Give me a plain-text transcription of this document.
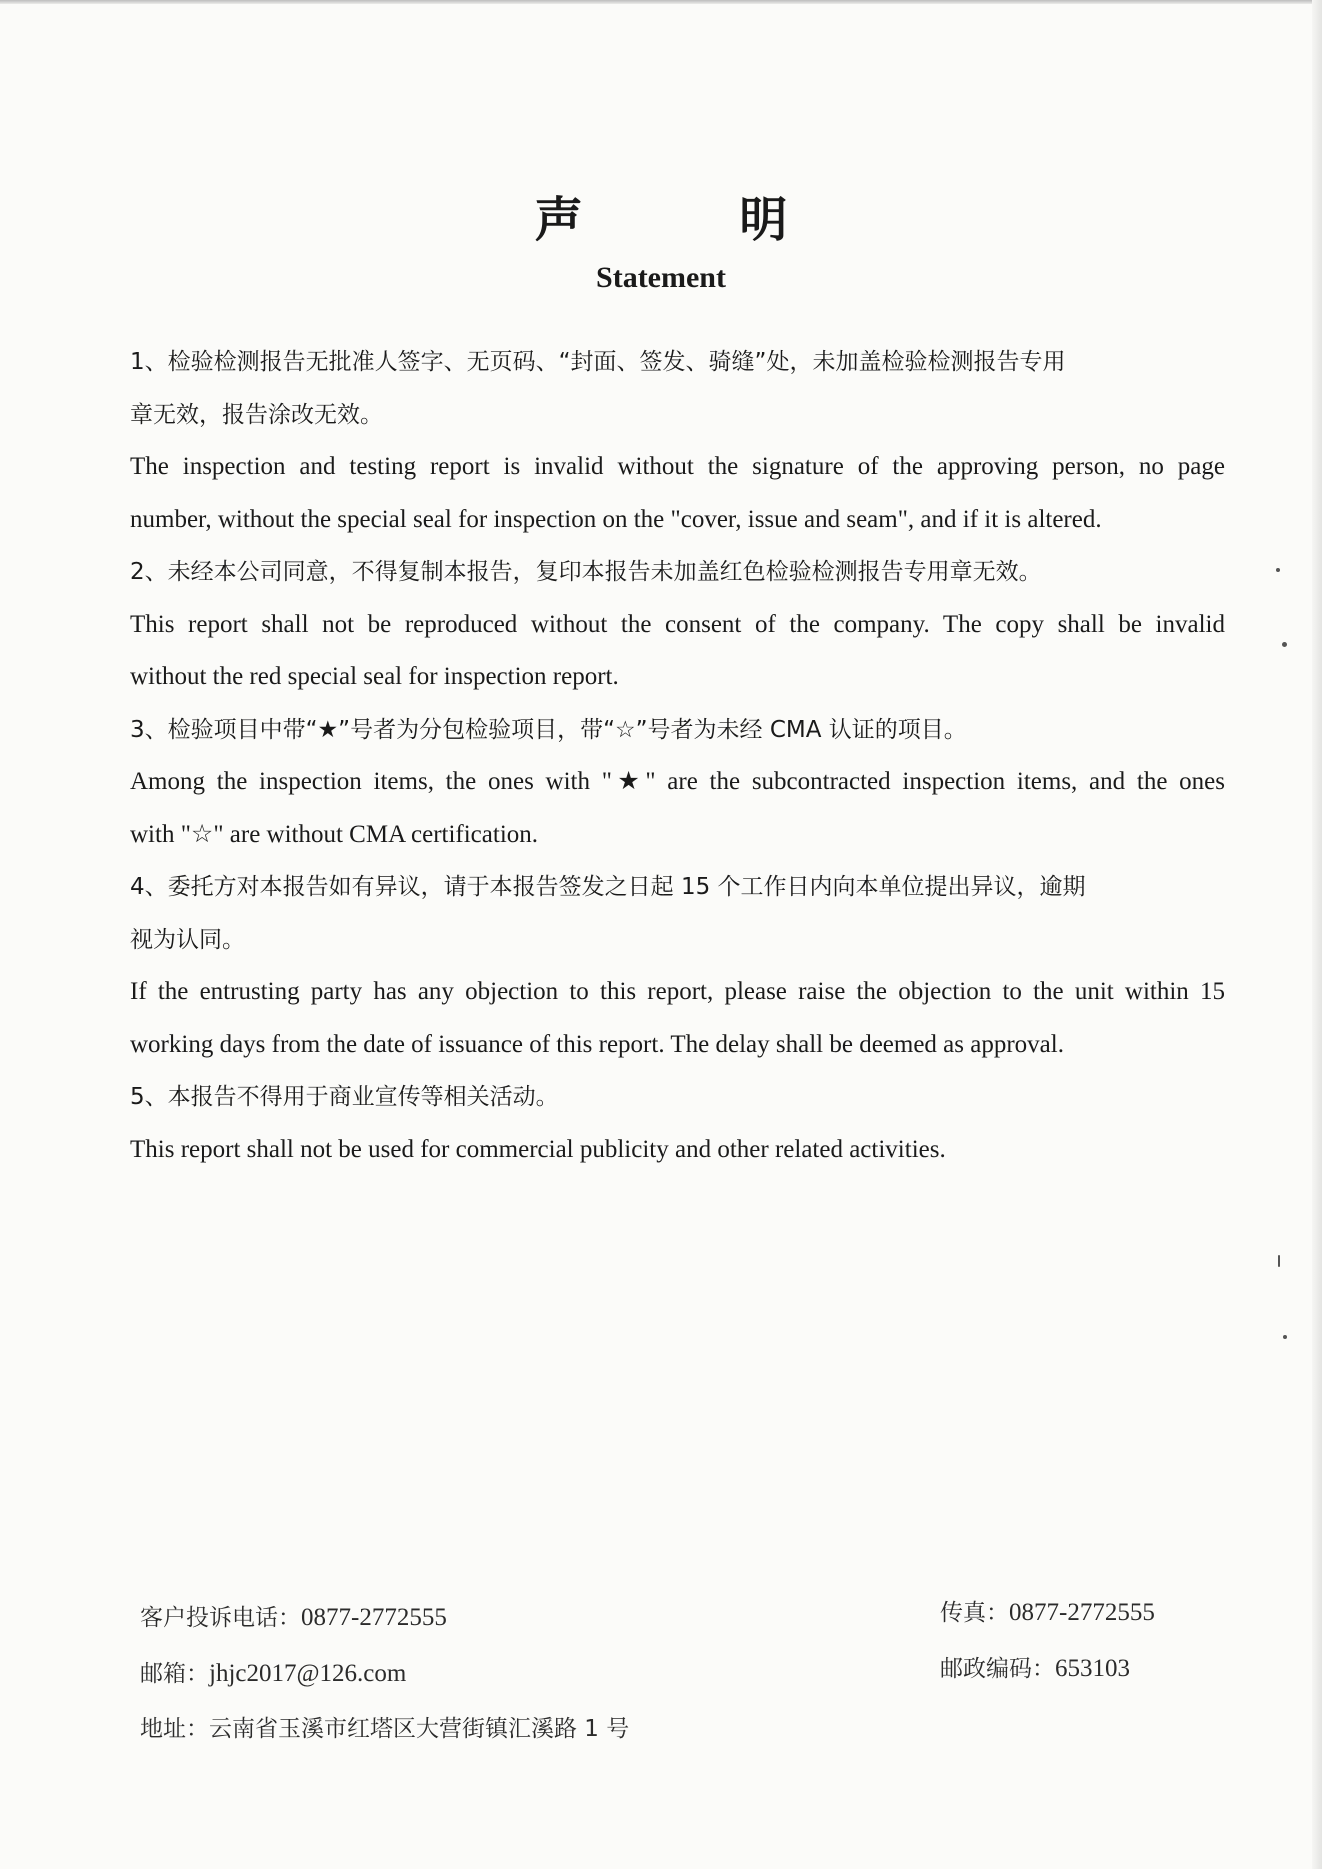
声 明
Statement
1、检验检测报告无批准人签字、无页码、“封面、签发、骑缝”处，未加盖检验检测报告专用
章无效，报告涂改无效。
The inspection and testing report is invalid without the signature of the approving person, no page
number, without the special seal for inspection on the "cover, issue and seam", and if it is altered.
2、未经本公司同意，不得复制本报告，复印本报告未加盖红色检验检测报告专用章无效。
This report shall not be reproduced without the consent of the company. The copy shall be invalid
without the red special seal for inspection report.
3、检验项目中带“★”号者为分包检验项目，带“☆”号者为未经 CMA 认证的项目。
Among the inspection items, the ones with "★" are the subcontracted inspection items, and the ones
with "☆" are without CMA certification.
4、委托方对本报告如有异议，请于本报告签发之日起 15 个工作日内向本单位提出异议，逾期
视为认同。
If the entrusting party has any objection to this report, please raise the objection to the unit within 15
working days from the date of issuance of this report. The delay shall be deemed as approval.
5、本报告不得用于商业宣传等相关活动。
This report shall not be used for commercial publicity and other related activities.
客户投诉电话：0877-2772555
邮箱：jhjc2017@126.com
地址：云南省玉溪市红塔区大营街镇汇溪路 1 号
传真：0877-2772555
邮政编码：653103
